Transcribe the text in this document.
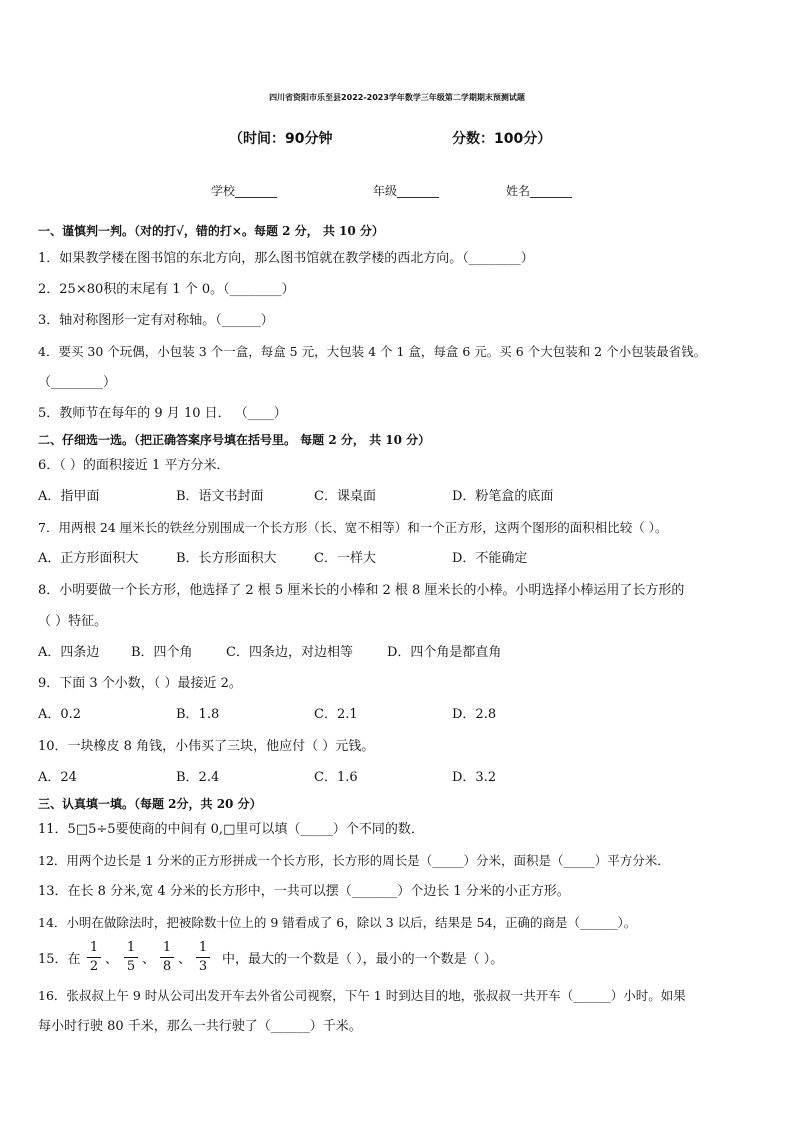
四川省资阳市乐至县2022-2023学年数学三年级第二学期期末预测试题
（时间：90分钟	分数：100分）
学校_______	年级_______	姓名_______
一、谨慎判一判。（对的打√，错的打×。每题 2 分， 共 10 分）
1．如果教学楼在图书馆的东北方向，那么图书馆就在教学楼的西北方向。（________）
2．25×80积的末尾有 1 个 0。（________）
3．轴对称图形一定有对称轴。（______）
4．要买 30 个玩偶，小包装 3 个一盒，每盒 5 元，大包装 4 个 1 盒，每盒 6 元。买 6 个大包装和 2 个小包装最省钱。
（________）
5．教师节在每年的 9 月 10 日． （____）
二、仔细选一选。（把正确答案序号填在括号里。 每题 2 分， 共 10 分）
6．（ ）的面积接近 1 平方分米．
A．指甲面	B．语文书封面	C．课桌面	D．粉笔盒的底面
7．用两根 24 厘米长的铁丝分别围成一个长方形（长、宽不相等）和一个正方形，这两个图形的面积相比较（ ）。
A．正方形面积大	B．长方形面积大	C．一样大	D．不能确定
8．小明要做一个长方形，他选择了 2 根 5 厘米长的小棒和 2 根 8 厘米长的小棒。小明选择小棒运用了长方形的
（ ）特征。
A．四条边 B．四个角	C．四条边，对边相等	D．四个角是都直角
9．下面 3 个小数，（ ）最接近 2。
A．0.2	B．1.8	C．2.1	D．2.8
10．一块橡皮 8 角钱，小伟买了三块，他应付（ ）元钱。
A．24	B．2.4	C．1.6	D．3.2
三、认真填一填。（每题 2分，共 20 分）
11．5□5÷5要使商的中间有 0,□里可以填（_____）个不同的数．
12．用两个边长是 1 分米的正方形拼成一个长方形，长方形的周长是（_____）分米，面积是（_____）平方分米．
13．在长 8 分米,宽 4 分米的长方形中，一共可以摆（_______）个边长 1 分米的小正方形。
14．小明在做除法时，把被除数十位上的 9 错看成了 6，除以 3 以后，结果是 54，正确的商是（______）。
15．在
1
2 、
1
5 、
1
8 、
1
3 中，最大的一个数是（ ），最小的一个数是（ ）。
16．张叔叔上午 9 时从公司出发开车去外省公司视察，下午 1 时到达目的地，张叔叔一共开车（______）小时。如果
每小时行驶 80 千米，那么一共行驶了（______）千米。
